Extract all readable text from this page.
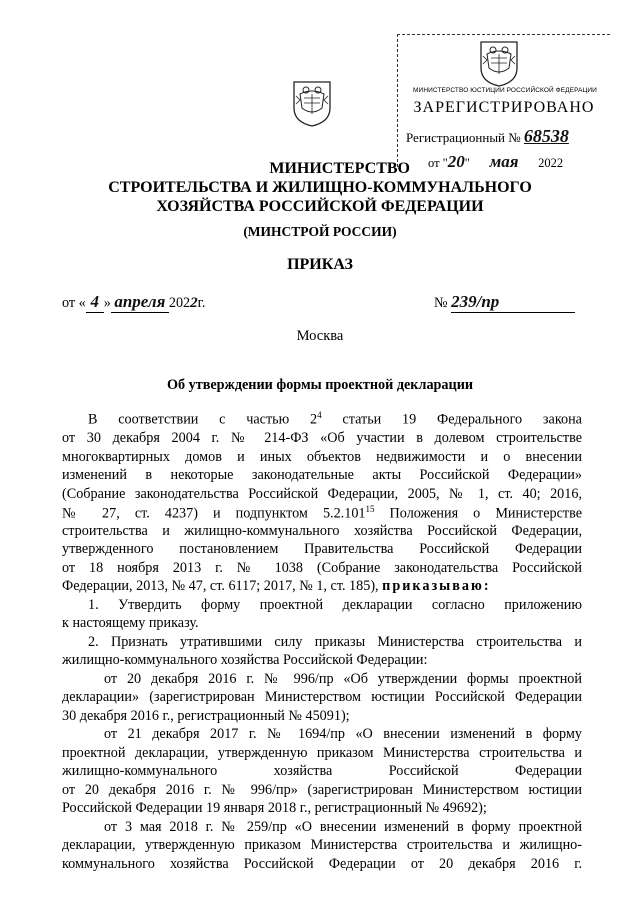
МИНИСТЕРСТВО ЮСТИЦИИ РОССИЙСКОЙ ФЕДЕРАЦИИ
ЗАРЕГИСТРИРОВАНО
Регистрационный № 68538
от "20" мая 2022
МИНИСТЕРСТВО
СТРОИТЕЛЬСТВА И ЖИЛИЩНО-КОММУНАЛЬНОГО
ХОЗЯЙСТВА РОССИЙСКОЙ ФЕДЕРАЦИИ
(МИНСТРОЙ РОССИИ)
ПРИКАЗ
от « 4 » апреля 2022г.	№ 239/пр
Москва
Об утверждении формы проектной декларации
В соответствии с частью $2^4$ статьи 19 Федерального закона
от 30 декабря 2004 г. № 214-ФЗ «Об участии в долевом строительстве
многоквартирных домов и иных объектов недвижимости и о внесении
изменений в некоторые законодательные акты Российской Федерации»
(Собрание законодательства Российской Федерации, 2005, № 1, ст. 40; 2016,
№ 27, ст. 4237) и подпунктом 5.2.101$^{15}$ Положения о Министерстве
строительства и жилищно-коммунального хозяйства Российской Федерации,
утвержденного постановлением Правительства Российской Федерации
от 18 ноября 2013 г. № 1038 (Собрание законодательства Российской
Федерации, 2013, № 47, ст. 6117; 2017, № 1, ст. 185), приказываю:
1. Утвердить форму проектной декларации согласно приложению
к настоящему приказу.
2. Признать утратившими силу приказы Министерства строительства и
жилищно-коммунального хозяйства Российской Федерации:
от 20 декабря 2016 г. № 996/пр «Об утверждении формы проектной
декларации» (зарегистрирован Министерством юстиции Российской Федерации
30 декабря 2016 г., регистрационный № 45091);
от 21 декабря 2017 г. № 1694/пр «О внесении изменений в форму
проектной декларации, утвержденную приказом Министерства строительства и
жилищно-коммунального хозяйства Российской Федерации
от 20 декабря 2016 г. № 996/пр» (зарегистрирован Министерством юстиции
Российской Федерации 19 января 2018 г., регистрационный № 49692);
от 3 мая 2018 г. № 259/пр «О внесении изменений в форму проектной
декларации, утвержденную приказом Министерства строительства и жилищно-
коммунального хозяйства Российской Федерации от 20 декабря 2016 г.
